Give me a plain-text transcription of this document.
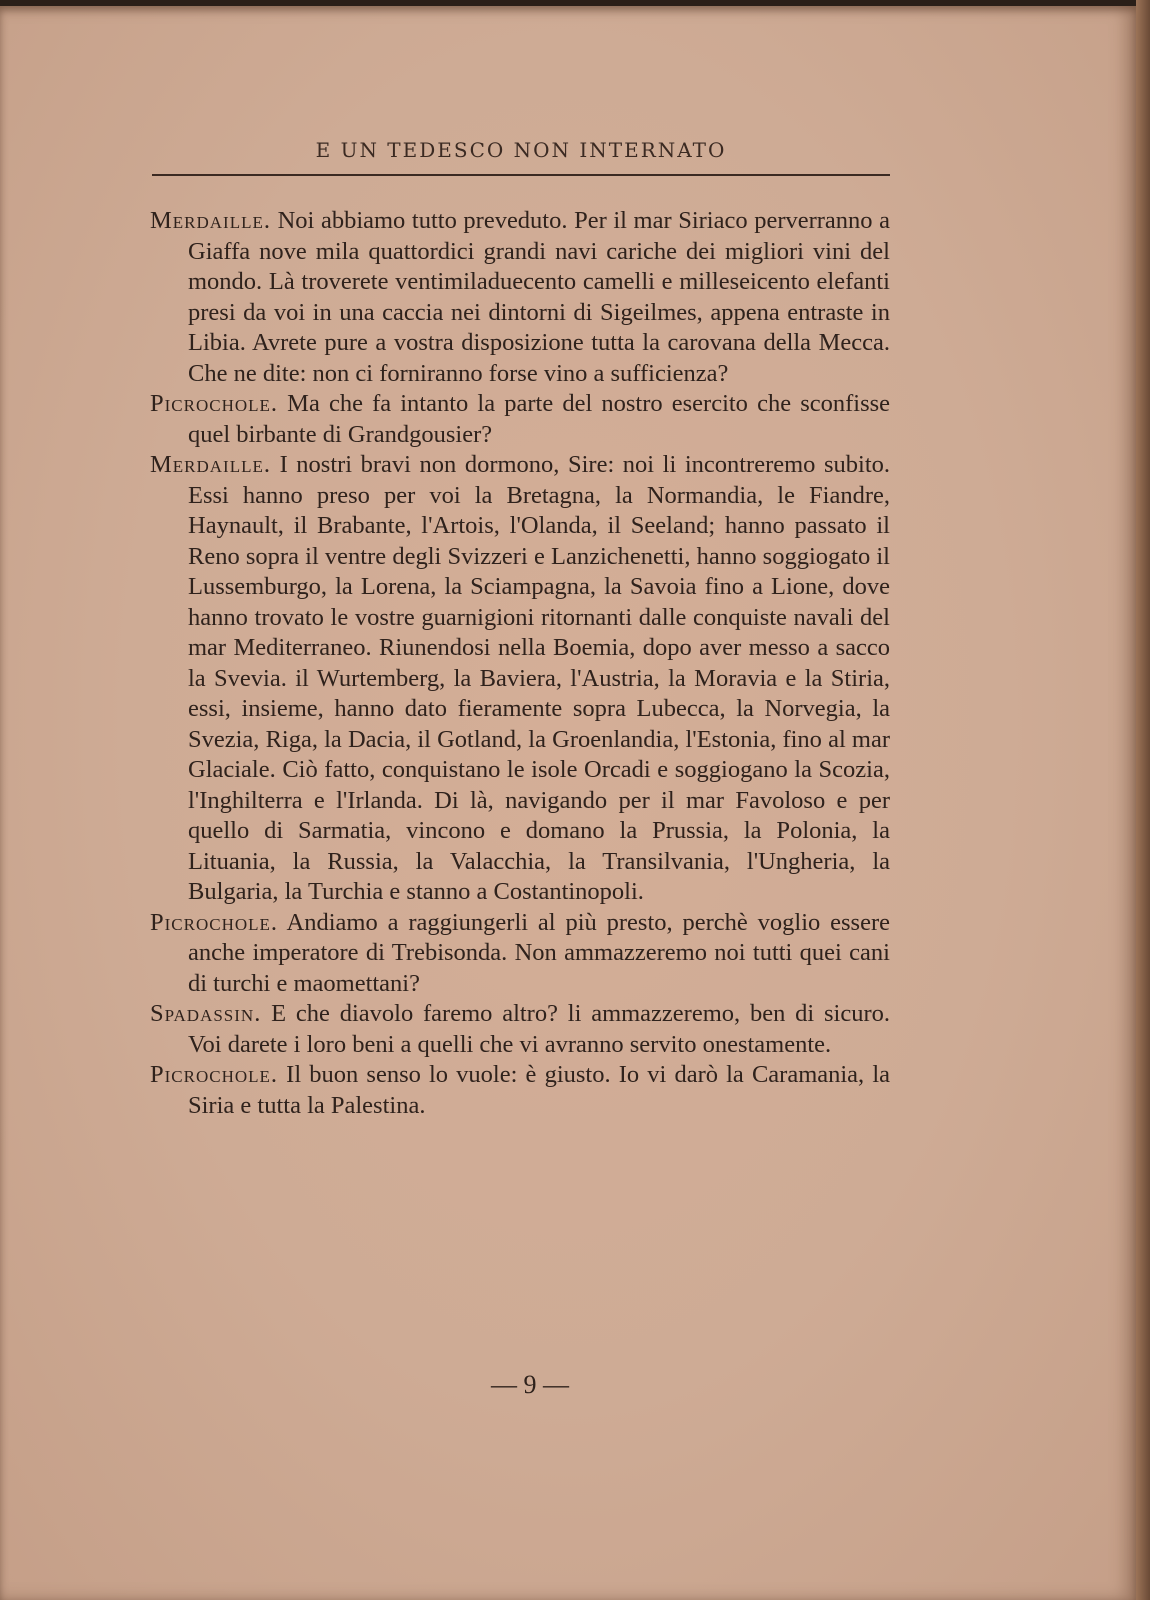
E UN TEDESCO NON INTERNATO

Merdaille. Noi abbiamo tutto preveduto. Per il mar Siriaco perverranno a Giaffa nove mila quattordici grandi navi cariche dei migliori vini del mondo. Là troverete ventimiladuecento camelli e milleseicento elefanti presi da voi in una caccia nei dintorni di Sigeilmes, appena entraste in Libia. Avrete pure a vostra disposizione tutta la carovana della Mecca. Che ne dite: non ci forniranno forse vino a sufficienza?

Picrochole. Ma che fa intanto la parte del nostro esercito che sconfisse quel birbante di Grandgousier?

Merdaille. I nostri bravi non dormono, Sire: noi li incontreremo subito. Essi hanno preso per voi la Bretagna, la Normandia, le Fiandre, Haynault, il Brabante, l'Artois, l'Olanda, il Seeland; hanno passato il Reno sopra il ventre degli Svizzeri e Lanzichenetti, hanno soggiogato il Lussemburgo, la Lorena, la Sciampagna, la Savoia fino a Lione, dove hanno trovato le vostre guarnigioni ritornanti dalle conquiste navali del mar Mediterraneo. Riunendosi nella Boemia, dopo aver messo a sacco la Svevia. il Wurtemberg, la Baviera, l'Austria, la Moravia e la Stiria, essi, insieme, hanno dato fieramente sopra Lubecca, la Norvegia, la Svezia, Riga, la Dacia, il Gotland, la Groenlandia, l'Estonia, fino al mar Glaciale. Ciò fatto, conquistano le isole Orcadi e soggiogano la Scozia, l'Inghilterra e l'Irlanda. Di là, navigando per il mar Favoloso e per quello di Sarmatia, vincono e domano la Prussia, la Polonia, la Lituania, la Russia, la Valacchia, la Transilvania, l'Ungheria, la Bulgaria, la Turchia e stanno a Costantinopoli.

Picrochole. Andiamo a raggiungerli al più presto, perchè voglio essere anche imperatore di Trebisonda. Non ammazzeremo noi tutti quei cani di turchi e maomettani?

Spadassin. E che diavolo faremo altro? li ammazzeremo, ben di sicuro. Voi darete i loro beni a quelli che vi avranno servito onestamente.

Picrochole. Il buon senso lo vuole: è giusto. Io vi darò la Caramania, la Siria e tutta la Palestina.

— 9 —
